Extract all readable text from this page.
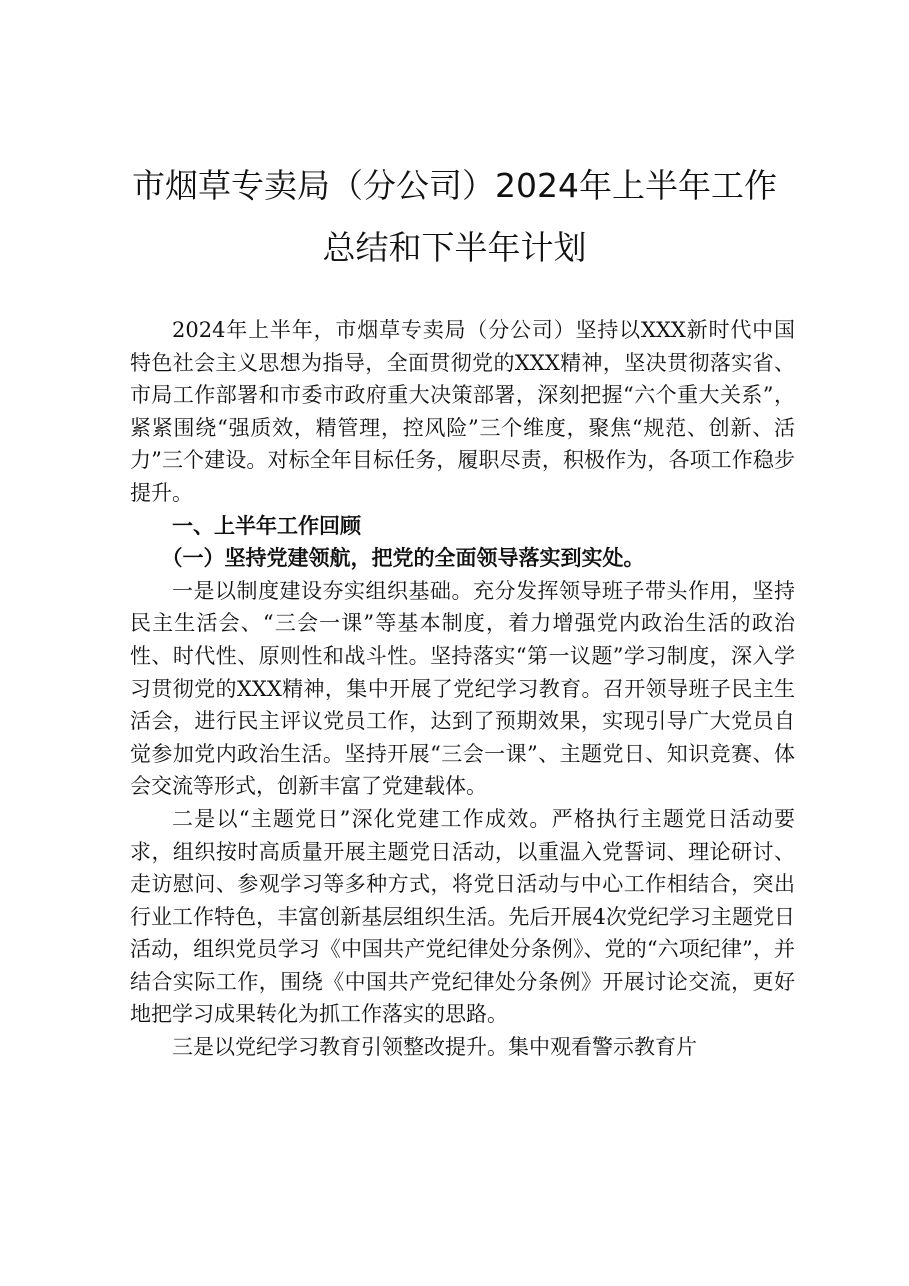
市烟草专卖局（分公司）2024年上半年工作
总结和下半年计划

2024年上半年，市烟草专卖局（分公司）坚持以XXX新时代中国特色社会主义思想为指导，全面贯彻党的XXX精神，坚决贯彻落实省、市局工作部署和市委市政府重大决策部署，深刻把握“六个重大关系”，紧紧围绕“强质效，精管理，控风险”三个维度，聚焦“规范、创新、活力”三个建设。对标全年目标任务，履职尽责，积极作为，各项工作稳步提升。

一、上半年工作回顾

（一）坚持党建领航，把党的全面领导落实到实处。

一是以制度建设夯实组织基础。充分发挥领导班子带头作用，坚持民主生活会、“三会一课”等基本制度，着力增强党内政治生活的政治性、时代性、原则性和战斗性。坚持落实“第一议题”学习制度，深入学习贯彻党的XXX精神，集中开展了党纪学习教育。召开领导班子民主生活会，进行民主评议党员工作，达到了预期效果，实现引导广大党员自觉参加党内政治生活。坚持开展“三会一课”、主题党日、知识竞赛、体会交流等形式，创新丰富了党建载体。

二是以“主题党日”深化党建工作成效。严格执行主题党日活动要求，组织按时高质量开展主题党日活动，以重温入党誓词、理论研讨、走访慰问、参观学习等多种方式，将党日活动与中心工作相结合，突出行业工作特色，丰富创新基层组织生活。先后开展4次党纪学习主题党日活动，组织党员学习《中国共产党纪律处分条例》、党的“六项纪律”，并结合实际工作，围绕《中国共产党纪律处分条例》开展讨论交流，更好地把学习成果转化为抓工作落实的思路。

三是以党纪学习教育引领整改提升。集中观看警示教育片
